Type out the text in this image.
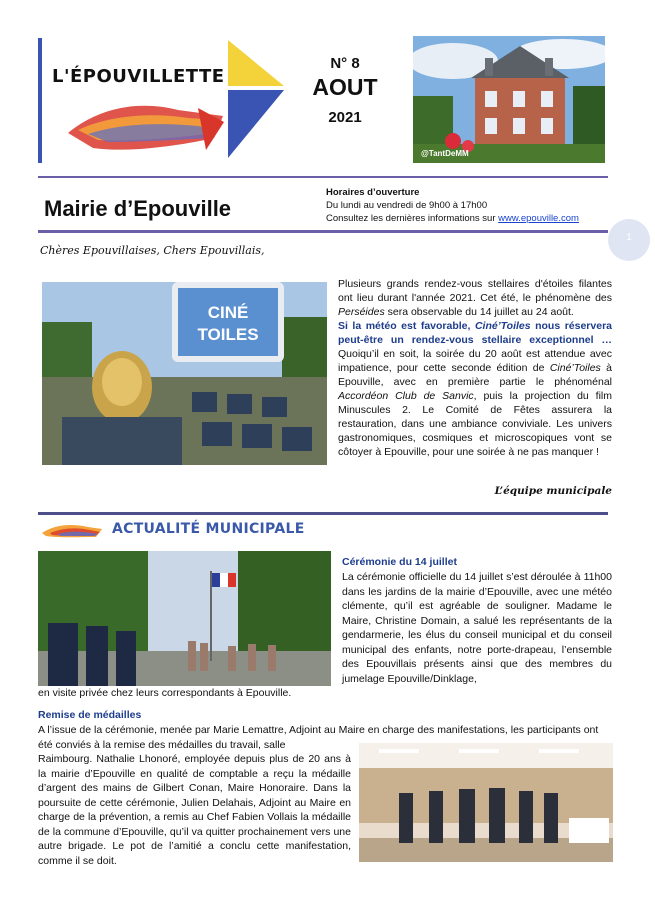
L'ÉPOUVILLETTE
N° 8
AOUT
2021
@TantDeMM
Mairie d’Epouville
Horaires d’ouverture
Du lundi au vendredi de 9h00 à 17h00
Consultez les dernières informations sur www.epouville.com
1
Chères Epouvillaises, Chers Epouvillais,
CINÉ
TOILES
Plusieurs grands rendez-vous stellaires d'étoiles filantes ont lieu durant l'année 2021. Cet été, le phénomène des Perséides sera observable du 14 juillet au 24 août.
Si la météo est favorable, Ciné’Toiles nous réservera peut-être un rendez-vous stellaire exceptionnel … Quoiqu’il en soit, la soirée du 20 août est attendue avec impatience, pour cette seconde édition de Ciné’Toiles à Epouville, avec en première partie le phénoménal Accordéon Club de Sanvic, puis la projection du film Minuscules 2. Le Comité de Fêtes assurera la restauration, dans une ambiance conviviale. Les univers gastronomiques, cosmiques et microscopiques vont se côtoyer à Epouville, pour une soirée à ne pas manquer !
L’équipe municipale
ACTUALITÉ MUNICIPALE
Cérémonie du 14 juillet
La cérémonie officielle du 14 juillet s’est déroulée à 11h00 dans les jardins de la mairie d’Epouville, avec une météo clémente, qu’il est agréable de souligner. Madame le Maire, Christine Domain, a salué les représentants de la gendarmerie, les élus du conseil municipal et du conseil municipal des enfants, notre porte-drapeau, l’ensemble des Epouvillais présents ainsi que des membres du jumelage Epouville/Dinklage,
en visite privée chez leurs correspondants à Epouville.
Remise de médailles
A l’issue de la cérémonie, menée par Marie Lemattre, Adjoint au Maire en charge des manifestations, les participants ont été conviés à la remise des médailles du travail, salle
Raimbourg. Nathalie Lhonoré, employée depuis plus de 20 ans à la mairie d’Epouville en qualité de comptable a reçu la médaille d’argent des mains de Gilbert Conan, Maire Honoraire. Dans la poursuite de cette cérémonie, Julien Delahais, Adjoint au Maire en charge de la prévention, a remis au Chef Fabien Vollais la médaille de la commune d’Epouville, qu’il va quitter prochainement vers une autre brigade. Le pot de l’amitié a conclu cette manifestation, comme il se doit.
